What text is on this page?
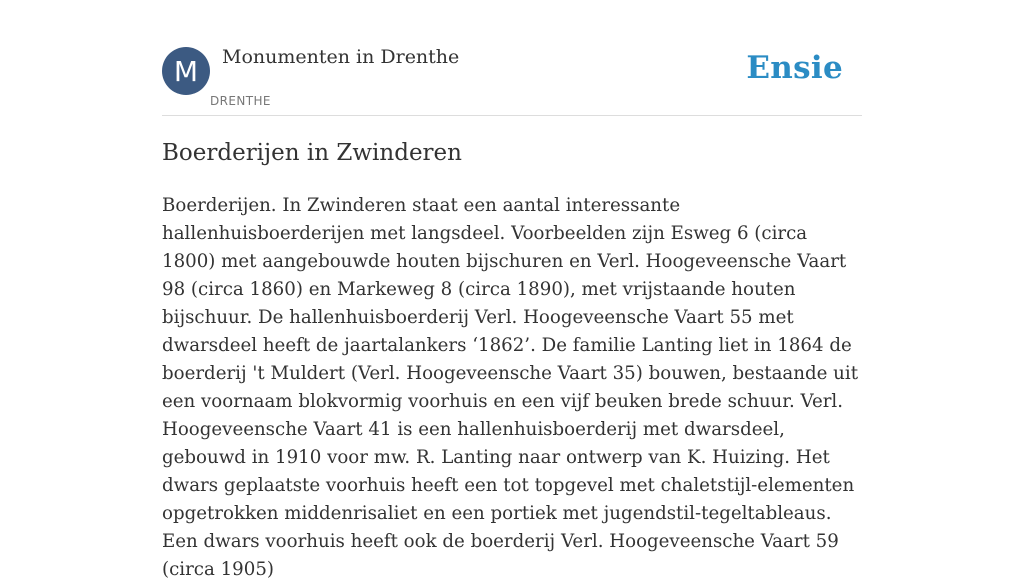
M	Monumenten in Drenthe
DRENTHE
Ensie
Boerderijen in Zwinderen

Boerderijen. In Zwinderen staat een aantal interessante hallenhuisboerderijen met langsdeel. Voorbeelden zijn Esweg 6 (circa 1800) met aangebouwde houten bijschuren en Verl. Hoogeveensche Vaart 98 (circa 1860) en Markeweg 8 (circa 1890), met vrijstaande houten bijschuur. De hallenhuisboerderij Verl. Hoogeveensche Vaart 55 met dwarsdeel heeft de jaartalankers ‘1862’. De familie Lanting liet in 1864 de boerderij 't Muldert (Verl. Hoogeveensche Vaart 35) bouwen, bestaande uit een voornaam blokvormig voorhuis en een vijf beuken brede schuur. Verl. Hoogeveensche Vaart 41 is een hallenhuisboerderij met dwarsdeel, gebouwd in 1910 voor mw. R. Lanting naar ontwerp van K. Huizing. Het dwars geplaatste voorhuis heeft een tot topgevel met chaletstijl-elementen opgetrokken middenrisaliet en een portiek met jugendstil-tegeltableaus. Een dwars voorhuis heeft ook de boerderij Verl. Hoogeveensche Vaart 59 (circa 1905)
